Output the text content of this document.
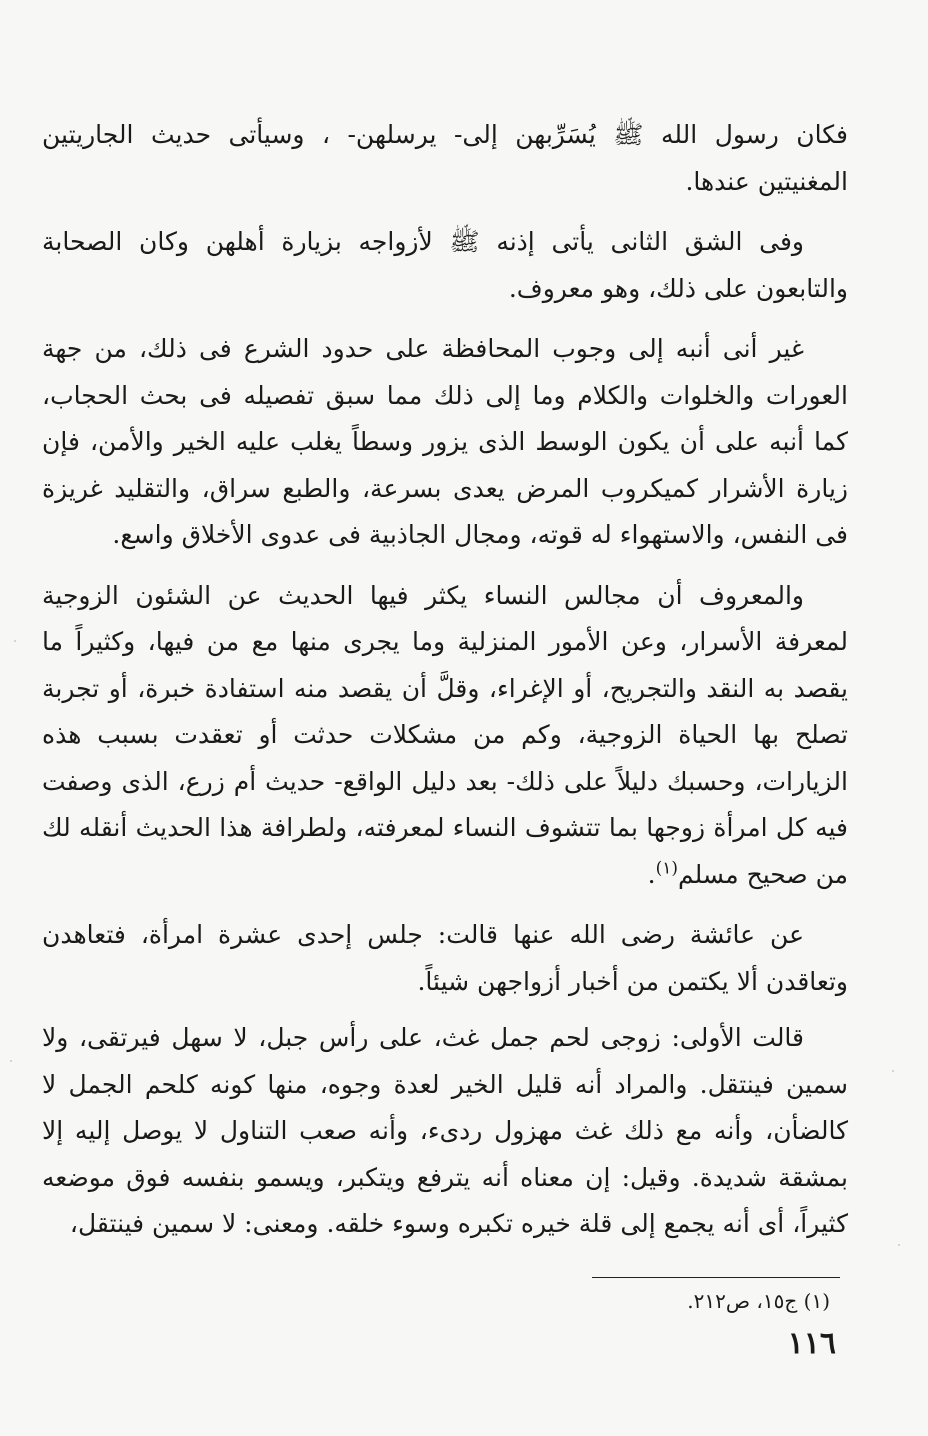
فكان رسول الله ﷺ يُسَرِّبهن إلى- يرسلهن- ، وسيأتى حديث الجاريتين المغنيتين عندها.

وفى الشق الثانى يأتى إذنه ﷺ لأزواجه بزيارة أهلهن وكان الصحابة والتابعون على ذلك، وهو معروف.

غير أنى أنبه إلى وجوب المحافظة على حدود الشرع فى ذلك، من جهة العورات والخلوات والكلام وما إلى ذلك مما سبق تفصيله فى بحث الحجاب، كما أنبه على أن يكون الوسط الذى يزور وسطاً يغلب عليه الخير والأمن، فإن زيارة الأشرار كميكروب المرض يعدى بسرعة، والطبع سراق، والتقليد غريزة فى النفس، والاستهواء له قوته، ومجال الجاذبية فى عدوى الأخلاق واسع.

والمعروف أن مجالس النساء يكثر فيها الحديث عن الشئون الزوجية لمعرفة الأسرار، وعن الأمور المنزلية وما يجرى منها مع من فيها، وكثيراً ما يقصد به النقد والتجريح، أو الإغراء، وقلَّ أن يقصد منه استفادة خبرة، أو تجربة تصلح بها الحياة الزوجية، وكم من مشكلات حدثت أو تعقدت بسبب هذه الزيارات، وحسبك دليلاً على ذلك- بعد دليل الواقع- حديث أم زرع، الذى وصفت فيه كل امرأة زوجها بما تتشوف النساء لمعرفته، ولطرافة هذا الحديث أنقله لك من صحيح مسلم$^{(١)}$.

عن عائشة رضى الله عنها قالت: جلس إحدى عشرة امرأة، فتعاهدن وتعاقدن ألا يكتمن من أخبار أزواجهن شيئاً.

قالت الأولى: زوجى لحم جمل غث، على رأس جبل، لا سهل فيرتقى، ولا سمين فينتقل. والمراد أنه قليل الخير لعدة وجوه، منها كونه كلحم الجمل لا كالضأن، وأنه مع ذلك غث مهزول ردىء، وأنه صعب التناول لا يوصل إليه إلا بمشقة شديدة. وقيل: إن معناه أنه يترفع ويتكبر، ويسمو بنفسه فوق موضعه كثيراً، أى أنه يجمع إلى قلة خيره تكبره وسوء خلقه. ومعنى: لا سمين فينتقل،

(١) ج١٥، ص٢١٢.
١١٦
